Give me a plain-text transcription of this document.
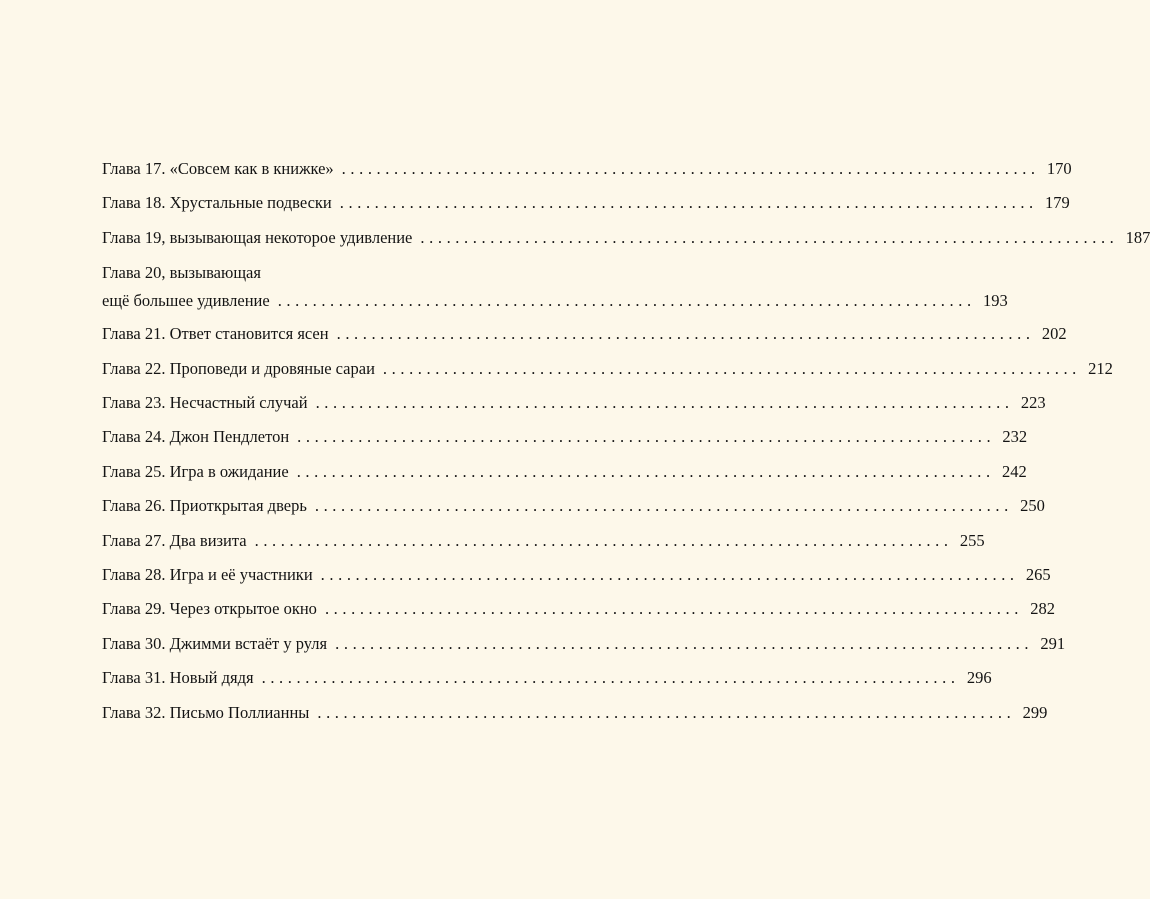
Глава 17. «Совсем как в книжке» ................................................................................ 170
Глава 18. Хрустальные подвески ................................................................................ 179
Глава 19, вызывающая некоторое удивление ................................................................................ 187
Глава 20, вызывающая
ещё большее удивление ................................................................................ 193
Глава 21. Ответ становится ясен ................................................................................ 202
Глава 22. Проповеди и дровяные сараи ................................................................................ 212
Глава 23. Несчастный случай ................................................................................ 223
Глава 24. Джон Пендлетон ................................................................................ 232
Глава 25. Игра в ожидание ................................................................................ 242
Глава 26. Приоткрытая дверь ................................................................................ 250
Глава 27. Два визита ................................................................................ 255
Глава 28. Игра и её участники ................................................................................ 265
Глава 29. Через открытое окно ................................................................................ 282
Глава 30. Джимми встаёт у руля ................................................................................ 291
Глава 31. Новый дядя ................................................................................ 296
Глава 32. Письмо Поллианны ................................................................................ 299
